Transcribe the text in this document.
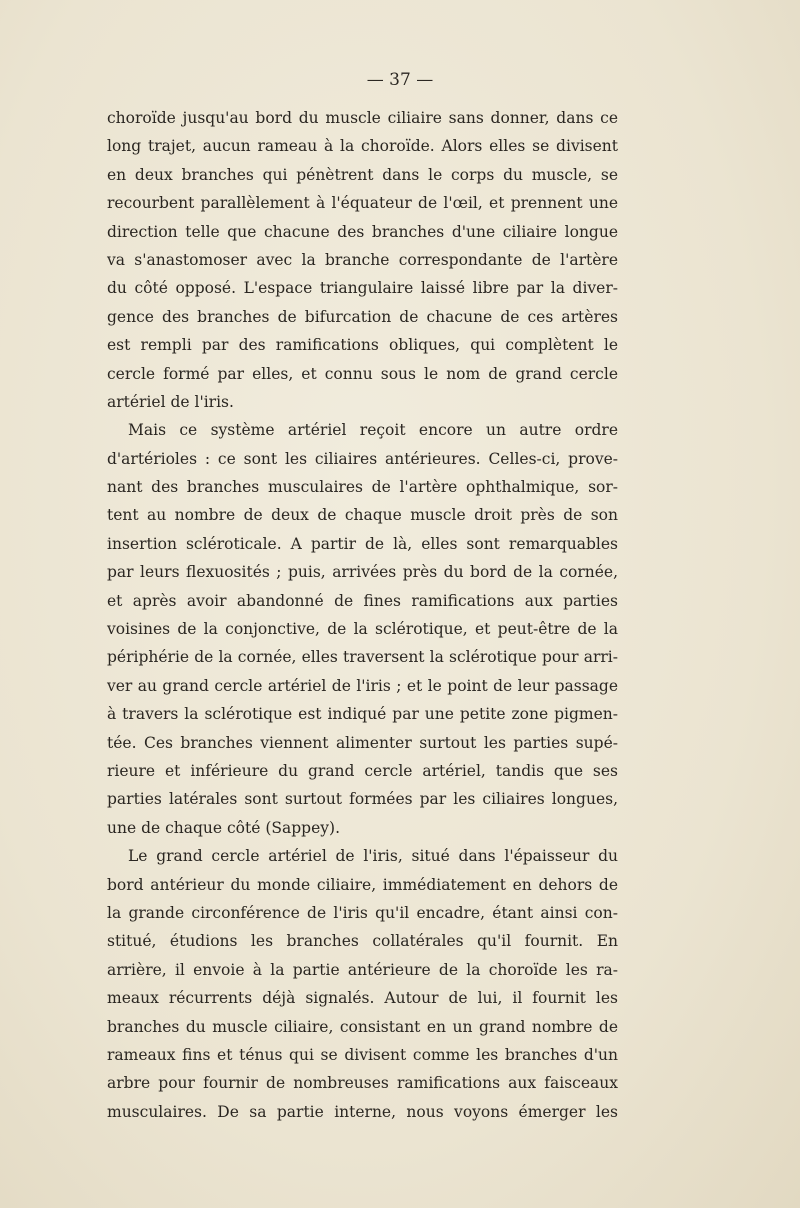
— 37 —
choroïde jusqu'au bord du muscle ciliaire sans donner, dans ce
long trajet, aucun rameau à la choroïde. Alors elles se divisent
en deux branches qui pénètrent dans le corps du muscle, se
recourbent parallèlement à l'équateur de l'œil, et prennent une
direction telle que chacune des branches d'une ciliaire longue
va s'anastomoser avec la branche correspondante de l'artère
du côté opposé. L'espace triangulaire laissé libre par la diver-
gence des branches de bifurcation de chacune de ces artères
est rempli par des ramifications obliques, qui complètent le
cercle formé par elles, et connu sous le nom de grand cercle
artériel de l'iris.
Mais ce système artériel reçoit encore un autre ordre
d'artérioles : ce sont les ciliaires antérieures. Celles-ci, prove-
nant des branches musculaires de l'artère ophthalmique, sor-
tent au nombre de deux de chaque muscle droit près de son
insertion scléroticale. A partir de là, elles sont remarquables
par leurs flexuosités ; puis, arrivées près du bord de la cornée,
et après avoir abandonné de fines ramifications aux parties
voisines de la conjonctive, de la sclérotique, et peut-être de la
périphérie de la cornée, elles traversent la sclérotique pour arri-
ver au grand cercle artériel de l'iris ; et le point de leur passage
à travers la sclérotique est indiqué par une petite zone pigmen-
tée. Ces branches viennent alimenter surtout les parties supé-
rieure et inférieure du grand cercle artériel, tandis que ses
parties latérales sont surtout formées par les ciliaires longues,
une de chaque côté (Sappey).
Le grand cercle artériel de l'iris, situé dans l'épaisseur du
bord antérieur du monde ciliaire, immédiatement en dehors de
la grande circonférence de l'iris qu'il encadre, étant ainsi con-
stitué, étudions les branches collatérales qu'il fournit. En
arrière, il envoie à la partie antérieure de la choroïde les ra-
meaux récurrents déjà signalés. Autour de lui, il fournit les
branches du muscle ciliaire, consistant en un grand nombre de
rameaux fins et ténus qui se divisent comme les branches d'un
arbre pour fournir de nombreuses ramifications aux faisceaux
musculaires. De sa partie interne, nous voyons émerger les
